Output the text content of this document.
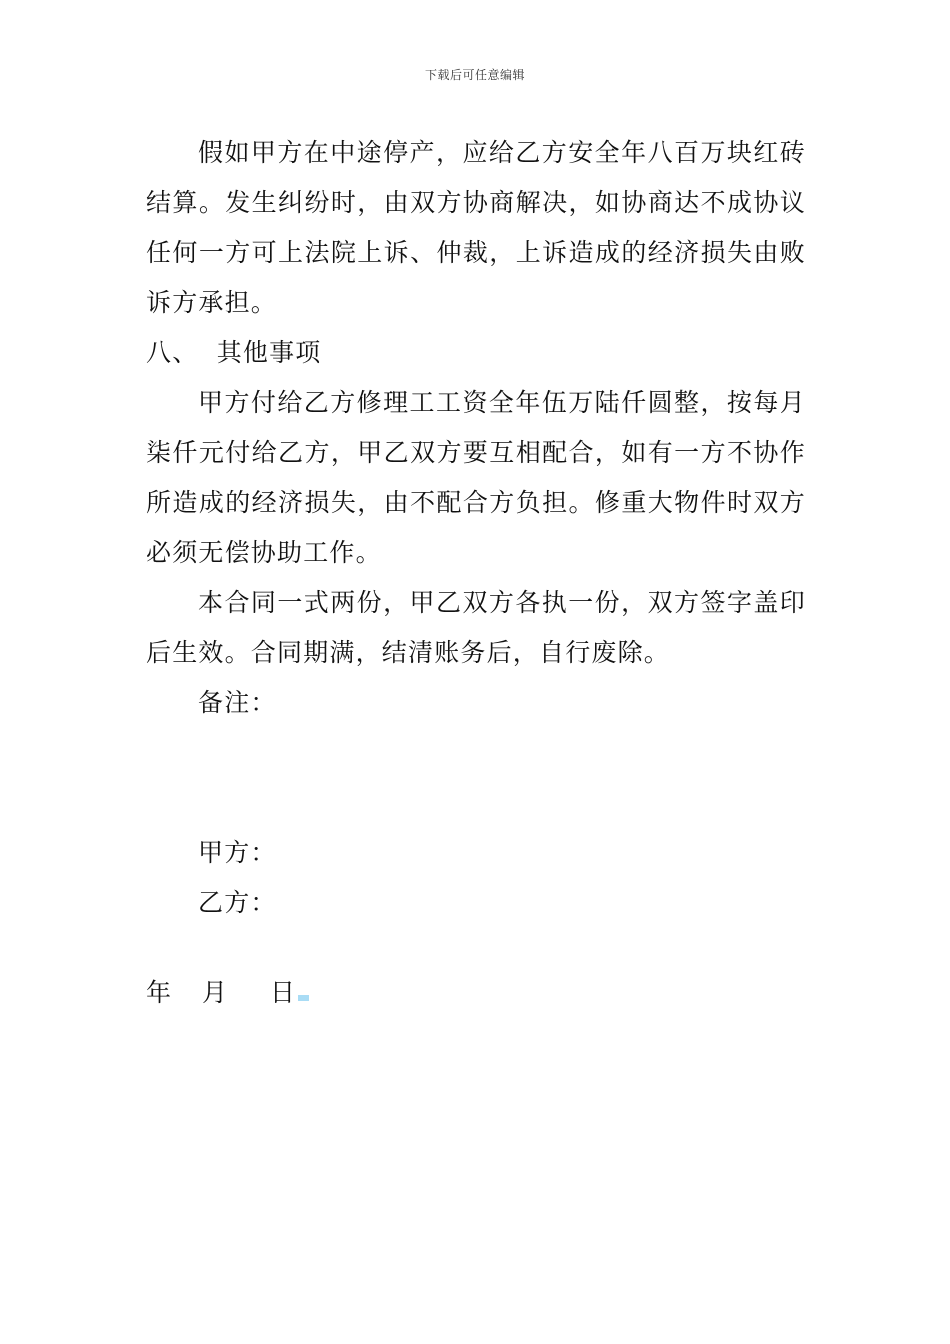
下载后可任意编辑

假如甲方在中途停产，应给乙方安全年八百万块红砖结算。发生纠纷时，由双方协商解决，如协商达不成协议任何一方可上法院上诉、仲裁，上诉造成的经济损失由败诉方承担。

八、  其他事项

甲方付给乙方修理工工资全年伍万陆仟圆整，按每月柒仟元付给乙方，甲乙双方要互相配合，如有一方不协作所造成的经济损失，由不配合方负担。修重大物件时双方必须无偿协助工作。

本合同一式两份，甲乙双方各执一份，双方签字盖印后生效。合同期满，结清账务后，自行废除。

备注：

甲方：

乙方：

年	月	日
